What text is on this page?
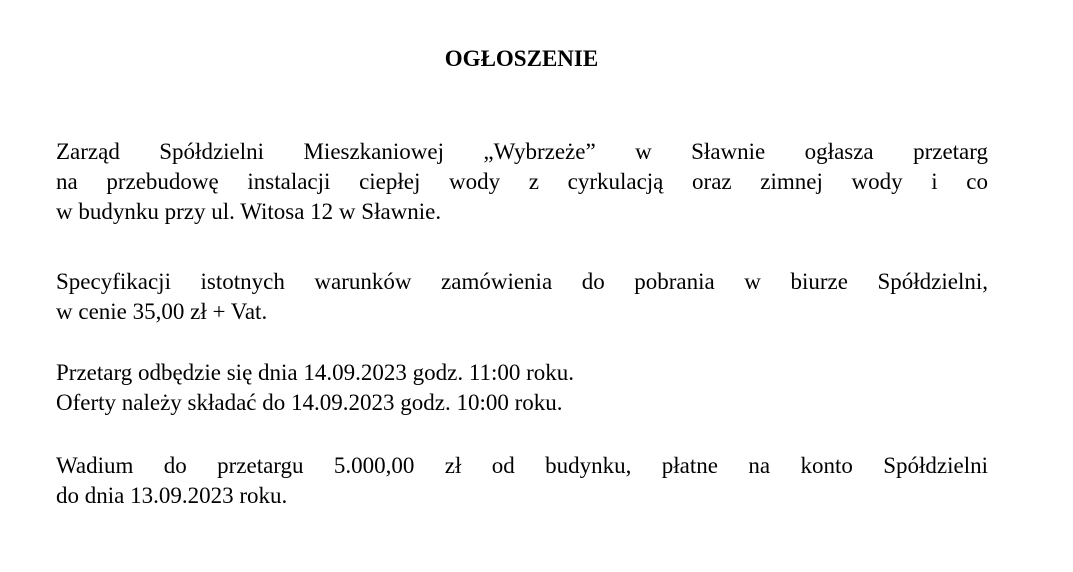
OGŁOSZENIE
Zarząd Spółdzielni Mieszkaniowej „Wybrzeże” w Sławnie ogłasza przetarg
na przebudowę instalacji ciepłej wody z cyrkulacją oraz zimnej wody i co
w budynku przy ul. Witosa 12 w Sławnie.
Specyfikacji istotnych warunków zamówienia do pobrania w biurze Spółdzielni,
w cenie 35,00 zł + Vat.
Przetarg odbędzie się dnia 14.09.2023 godz. 11:00 roku.
Oferty należy składać do 14.09.2023 godz. 10:00 roku.
Wadium do przetargu 5.000,00 zł od budynku, płatne na konto Spółdzielni
do dnia 13.09.2023 roku.
